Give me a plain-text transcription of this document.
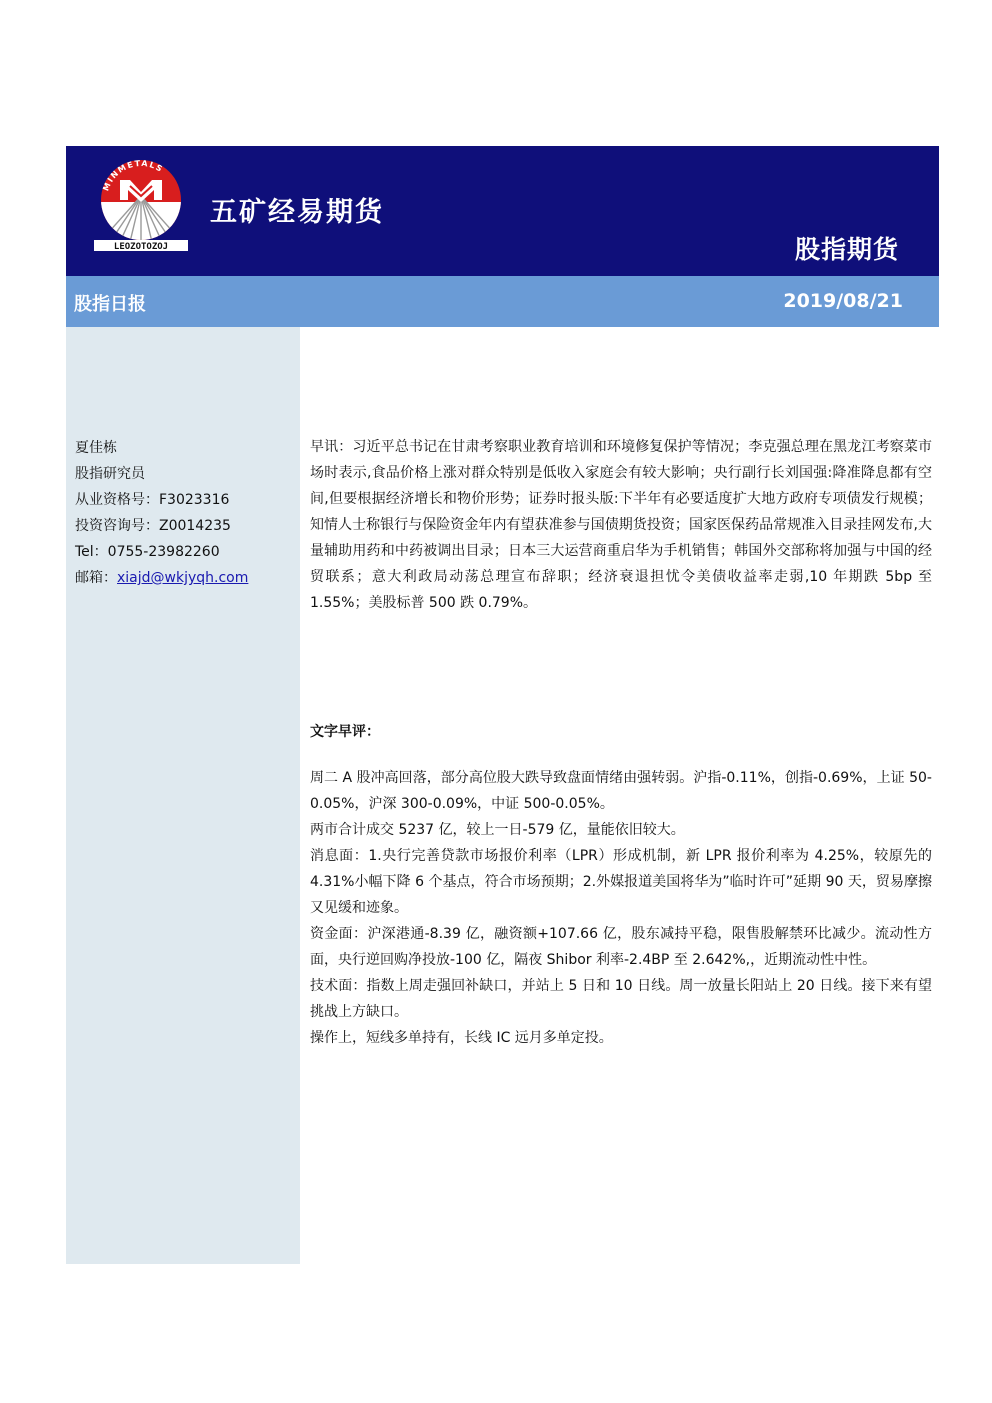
MINMETALS
LEOZOTOZOJ
五矿经易期货
股指期货
股指日报	2019/08/21
夏佳栋
股指研究员
从业资格号：F3023316
投资咨询号：Z0014235
Tel：0755-23982260
邮箱：xiajd@wkjyqh.com

早讯：习近平总书记在甘肃考察职业教育培训和环境修复保护等情况；李克强总理在黑龙江考察菜市场时表示,食品价格上涨对群众特别是低收入家庭会有较大影响；央行副行长刘国强:降准降息都有空间,但要根据经济增长和物价形势；证券时报头版:下半年有必要适度扩大地方政府专项债发行规模；知情人士称银行与保险资金年内有望获准参与国债期货投资；国家医保药品常规准入目录挂网发布,大量辅助用药和中药被调出目录；日本三大运营商重启华为手机销售；韩国外交部称将加强与中国的经贸联系；意大利政局动荡总理宣布辞职；经济衰退担忧令美债收益率走弱,10 年期跌 5bp 至 1.55%；美股标普 500 跌 0.79%。

文字早评：

周二 A 股冲高回落，部分高位股大跌导致盘面情绪由强转弱。沪指-0.11%，创指-0.69%，上证 50-0.05%，沪深 300-0.09%，中证 500-0.05%。

两市合计成交 5237 亿，较上一日-579 亿，量能依旧较大。

消息面：1.央行完善贷款市场报价利率（LPR）形成机制，新 LPR 报价利率为 4.25%，较原先的 4.31%小幅下降 6 个基点，符合市场预期；2.外媒报道美国将华为”临时许可”延期 90 天，贸易摩擦又见缓和迹象。

资金面：沪深港通-8.39 亿，融资额+107.66 亿，股东减持平稳，限售股解禁环比减少。流动性方面，央行逆回购净投放-100 亿，隔夜 Shibor 利率-2.4BP 至 2.642%,，近期流动性中性。

技术面：指数上周走强回补缺口，并站上 5 日和 10 日线。周一放量长阳站上 20 日线。接下来有望挑战上方缺口。

操作上，短线多单持有，长线 IC 远月多单定投。
